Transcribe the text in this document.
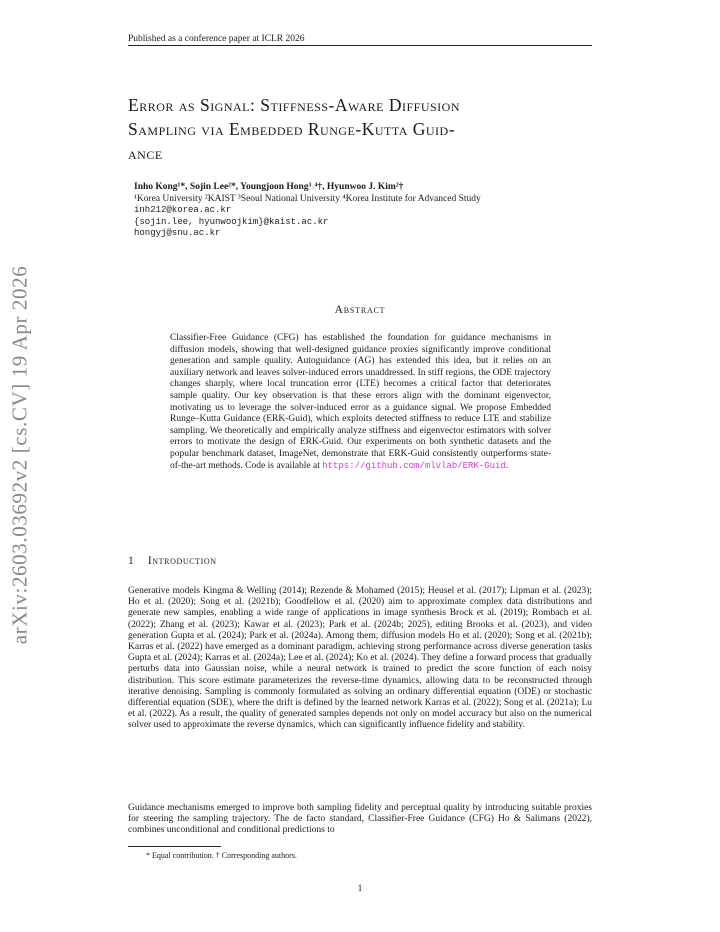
Published as a conference paper at ICLR 2026
arXiv:2603.03692v2 [cs.CV] 19 Apr 2026
Error as Signal: Stiffness-Aware Diffusion
Sampling via Embedded Runge-Kutta Guid-
ance
Inho Kong¹*, Sojin Lee²*, Youngjoon Hong³˒⁴†, Hyunwoo J. Kim²†
¹Korea University ²KAIST ³Seoul National University ⁴Korea Institute for Advanced Study
inh212@korea.ac.kr
{sojin.lee, hyunwoojkim}@kaist.ac.kr
hongyj@snu.ac.kr
Abstract
Classifier-Free Guidance (CFG) has established the foundation for guidance mechanisms in diffusion models, showing that well-designed guidance proxies significantly improve conditional generation and sample quality. Autoguidance (AG) has extended this idea, but it relies on an auxiliary network and leaves solver-induced errors unaddressed. In stiff regions, the ODE trajectory changes sharply, where local truncation error (LTE) becomes a critical factor that deteriorates sample quality. Our key observation is that these errors align with the dominant eigenvector, motivating us to leverage the solver-induced error as a guidance signal. We propose Embedded Runge–Kutta Guidance (ERK-Guid), which exploits detected stiffness to reduce LTE and stabilize sampling. We theoretically and empirically analyze stiffness and eigenvector estimators with solver errors to motivate the design of ERK-Guid. Our experiments on both synthetic datasets and the popular benchmark dataset, ImageNet, demonstrate that ERK-Guid consistently outperforms state-of-the-art methods. Code is available at https://github.com/mlvlab/ERK-Guid.
1 Introduction
Generative models Kingma & Welling (2014); Rezende & Mohamed (2015); Heusel et al. (2017); Lipman et al. (2023); Ho et al. (2020); Song et al. (2021b); Goodfellow et al. (2020) aim to approximate complex data distributions and generate new samples, enabling a wide range of applications in image synthesis Brock et al. (2019); Rombach et al. (2022); Zhang et al. (2023); Kawar et al. (2023); Park et al. (2024b; 2025), editing Brooks et al. (2023), and video generation Gupta et al. (2024); Park et al. (2024a). Among them, diffusion models Ho et al. (2020); Song et al. (2021b); Karras et al. (2022) have emerged as a dominant paradigm, achieving strong performance across diverse generation tasks Gupta et al. (2024); Karras et al. (2024a); Lee et al. (2024); Ko et al. (2024). They define a forward process that gradually perturbs data into Gaussian noise, while a neural network is trained to predict the score function of each noisy distribution. This score estimate parameterizes the reverse-time dynamics, allowing data to be reconstructed through iterative denoising. Sampling is commonly formulated as solving an ordinary differential equation (ODE) or stochastic differential equation (SDE), where the drift is defined by the learned network Karras et al. (2022); Song et al. (2021a); Lu et al. (2022). As a result, the quality of generated samples depends not only on model accuracy but also on the numerical solver used to approximate the reverse dynamics, which can significantly influence fidelity and stability.
Guidance mechanisms emerged to improve both sampling fidelity and perceptual quality by introducing suitable proxies for steering the sampling trajectory. The de facto standard, Classifier-Free Guidance (CFG) Ho & Salimans (2022), combines unconditional and conditional predictions to
* Equal contribution. † Corresponding authors.
1
